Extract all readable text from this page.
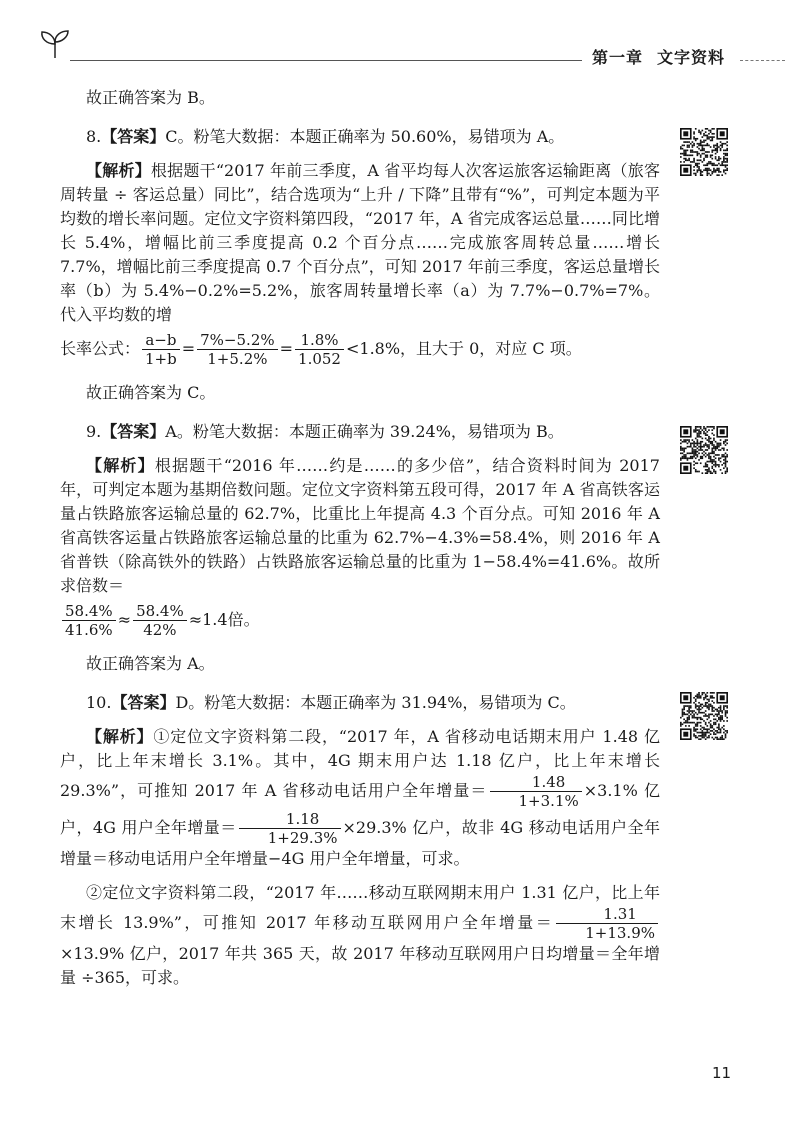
第一章 文字资料

故正确答案为 B。

8.【答案】C。粉笔大数据：本题正确率为 50.60%，易错项为 A。

【解析】根据题干“2017 年前三季度，A 省平均每人次客运旅客运输距离（旅客周转量 ÷ 客运总量）同比”，结合选项为“上升 / 下降”且带有“%”，可判定本题为平均数的增长率问题。定位文字资料第四段，“2017 年，A 省完成客运总量……同比增长 5.4%，增幅比前三季度提高 0.2 个百分点……完成旅客周转总量……增长 7.7%，增幅比前三季度提高 0.7 个百分点”，可知 2017 年前三季度，客运总量增长率（b）为 5.4%−0.2%=5.2%，旅客周转量增长率（a）为 7.7%−0.7%=7%。代入平均数的增

长率公式： $\frac{a-b}{1+b} = \frac{7\%-5.2\%}{1+5.2\%} = \frac{1.8\%}{1.052} <1.8\%$，且大于 0，对应 C 项。

故正确答案为 C。

9.【答案】A。粉笔大数据：本题正确率为 39.24%，易错项为 B。

【解析】根据题干“2016 年……约是……的多少倍”，结合资料时间为 2017 年，可判定本题为基期倍数问题。定位文字资料第五段可得，2017 年 A 省高铁客运量占铁路旅客运输总量的 62.7%，比重比上年提高 4.3 个百分点。可知 2016 年 A 省高铁客运量占铁路旅客运输总量的比重为 62.7%−4.3%=58.4%，则 2016 年 A 省普铁（除高铁外的铁路）占铁路旅客运输总量的比重为 1−58.4%=41.6%。故所求倍数＝

$\frac{58.4\%}{41.6\%} \approx \frac{58.4\%}{42\%} \approx 1.4$倍。

故正确答案为 A。

10.【答案】D。粉笔大数据：本题正确率为 31.94%，易错项为 C。

【解析】①定位文字资料第二段，“2017 年，A 省移动电话期末用户 1.48 亿户，比上年末增长 3.1%。其中，4G 期末用户达 1.18 亿户，比上年末增长 29.3%”，可推知 2017 年 A 省移动电话用户全年增量＝ $\frac{1.48}{1+3.1\%} \times 3.1\%$ 亿户，4G 用户全年增量＝ $\frac{1.18}{1+29.3\%} \times 29.3\%$ 亿户，故非 4G 移动电话用户全年增量＝移动电话用户全年增量−4G 用户全年增量，可求。

②定位文字资料第二段，“2017 年……移动互联网期末用户 1.31 亿户，比上年末增长 13.9%”，可推知 2017 年移动互联网用户全年增量＝ $\frac{1.31}{1+13.9\%}$
×13.9% 亿户，2017 年共 365 天，故 2017 年移动互联网用户日均增量＝全年增量 ÷365，可求。

11
